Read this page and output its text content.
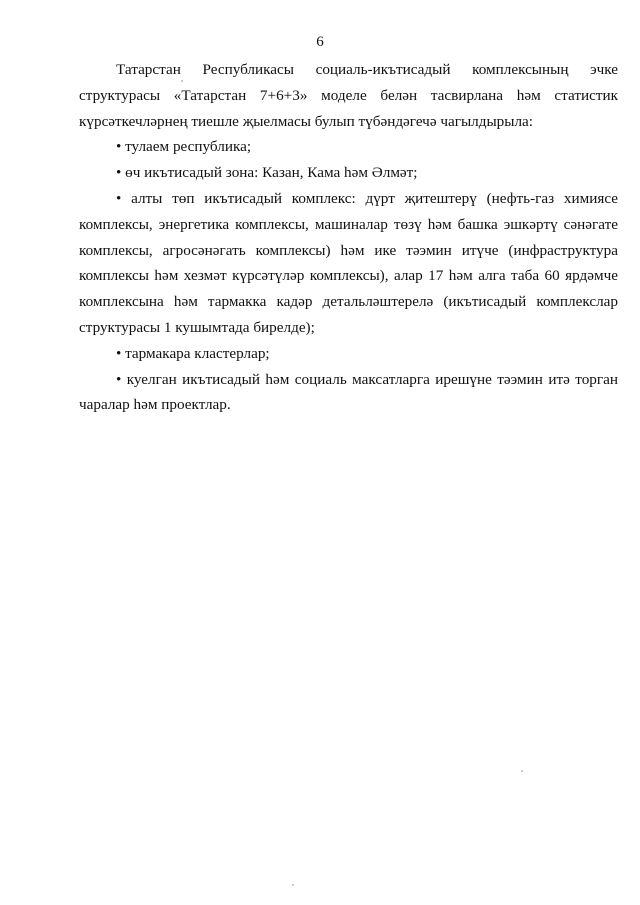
6

Татарстан Республикасы социаль-икътисадый комплексының эчке структурасы «Татарстан 7+6+3» моделе белән тасвирлана һәм статистик күрсәткечләрнең тиешле җыелмасы булып түбәндәгечә чагылдырыла:

• тулаем республика;

• өч икътисадый зона: Казан, Кама һәм Әлмәт;

• алты төп икътисадый комплекс: дүрт җитештерү (нефть-газ химиясе комплексы, энергетика комплексы, машиналар төзү һәм башка эшкәртү сәнәгате комплексы, агросәнәгать комплексы) һәм ике тәэмин итүче (инфраструктура комплексы һәм хезмәт күрсәтүләр комплексы), алар 17 һәм алга таба 60 ярдәмче комплексына һәм тармакка кадәр детальләштерелә (икътисадый комплекслар структурасы 1 кушымтада бирелде);

• тармакара кластерлар;

• куелган икътисадый һәм социаль максатларга ирешүне тәэмин итә торган чаралар һәм проектлар.
